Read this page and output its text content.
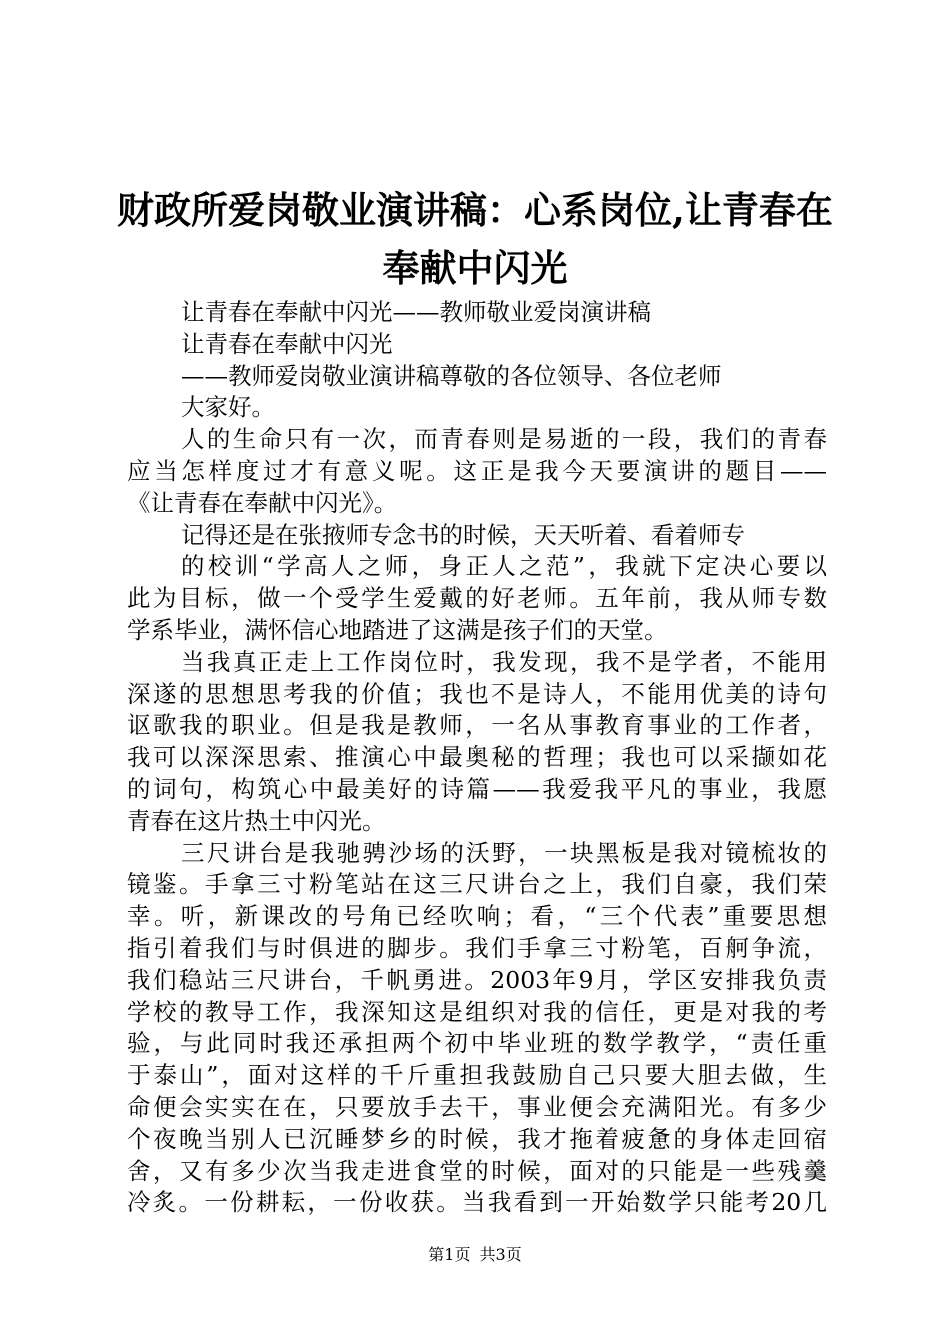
财政所爱岗敬业演讲稿：心系岗位,让青春在
奉献中闪光

让青春在奉献中闪光——教师敬业爱岗演讲稿

让青春在奉献中闪光

——教师爱岗敬业演讲稿尊敬的各位领导、各位老师

大家好。

人的生命只有一次，而青春则是易逝的一段，我们的青春

应当怎样度过才有意义呢。这正是我今天要演讲的题目——

《让青春在奉献中闪光》。

记得还是在张掖师专念书的时候，天天听着、看着师专

的校训“学高人之师，身正人之范”，我就下定决心要以

此为目标，做一个受学生爱戴的好老师。五年前，我从师专数

学系毕业，满怀信心地踏进了这满是孩子们的天堂。

当我真正走上工作岗位时，我发现，我不是学者，不能用

深遂的思想思考我的价值；我也不是诗人，不能用优美的诗句

讴歌我的职业。但是我是教师，一名从事教育事业的工作者，

我可以深深思索、推演心中最奥秘的哲理；我也可以采撷如花

的词句，构筑心中最美好的诗篇——我爱我平凡的事业，我愿

青春在这片热土中闪光。

三尺讲台是我驰骋沙场的沃野，一块黑板是我对镜梳妆的

镜鉴。手拿三寸粉笔站在这三尺讲台之上，我们自豪，我们荣

幸。听，新课改的号角已经吹响；看，“三个代表”重要思想

指引着我们与时俱进的脚步。我们手拿三寸粉笔，百舸争流，

我们稳站三尺讲台，千帆勇进。2003年9月，学区安排我负责

学校的教导工作，我深知这是组织对我的信任，更是对我的考

验，与此同时我还承担两个初中毕业班的数学教学，“责任重

于泰山”，面对这样的千斤重担我鼓励自己只要大胆去做，生

命便会实实在在，只要放手去干，事业便会充满阳光。有多少

个夜晚当别人已沉睡梦乡的时候，我才拖着疲惫的身体走回宿

舍，又有多少次当我走进食堂的时候，面对的只能是一些残羹

冷炙。一份耕耘，一份收获。当我看到一开始数学只能考20几

第1页 共3页
